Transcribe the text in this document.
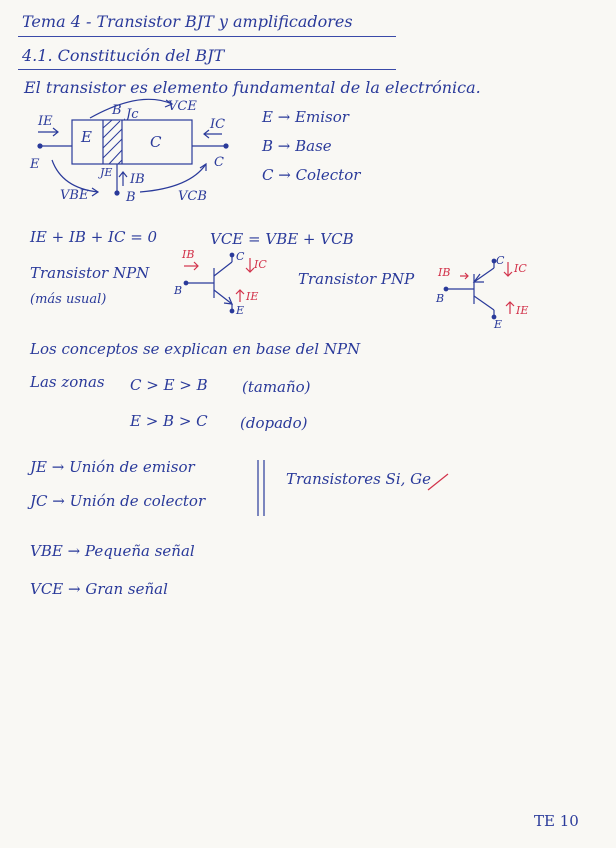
Tema 4 - Transistor BJT y amplificadores
4.1. Constitución del BJT
El transistor es elemento fundamental de la electrónica.
E	C
B Jc
VCE
IE	IC
E	C
JE IB
VBE	B	VCB
E → Emisor
B → Base
C → Colector
IE + IB + IC = 0	VCE = VBE + VCB
Transistor NPN
(más usual)
IB	C
IC
B	IE
E
Transistor PNP IB
C
IC
B
IE
E
Los conceptos se explican en base del NPN
Las zonas C > E > B (tamaño)
E > B > C (dopado)
JE → Unión de emisor
JC → Unión de colector
Transistores Si, Ge
VBE → Pequeña señal
VCE → Gran señal
TE 10
